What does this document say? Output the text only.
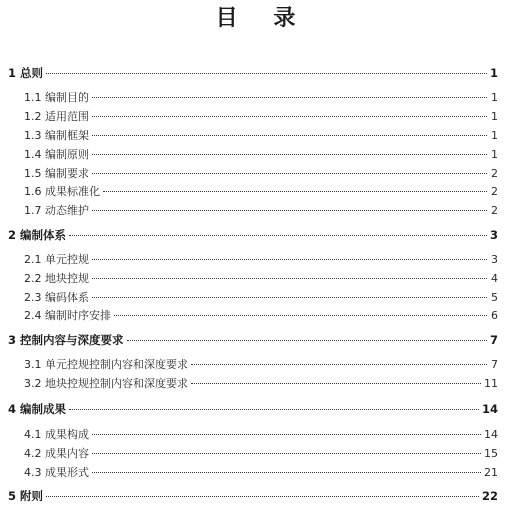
目 录
1 总则	1
1.1 编制目的	1
1.2 适用范围	1
1.3 编制框架	1
1.4 编制原则	1
1.5 编制要求	2
1.6 成果标准化	2
1.7 动态维护	2
2 编制体系	3
2.1 单元控规	3
2.2 地块控规	4
2.3 编码体系	5
2.4 编制时序安排	6
3 控制内容与深度要求	7
3.1 单元控规控制内容和深度要求	7
3.2 地块控规控制内容和深度要求	11
4 编制成果	14
4.1 成果构成	14
4.2 成果内容	15
4.3 成果形式	21
5 附则	22
